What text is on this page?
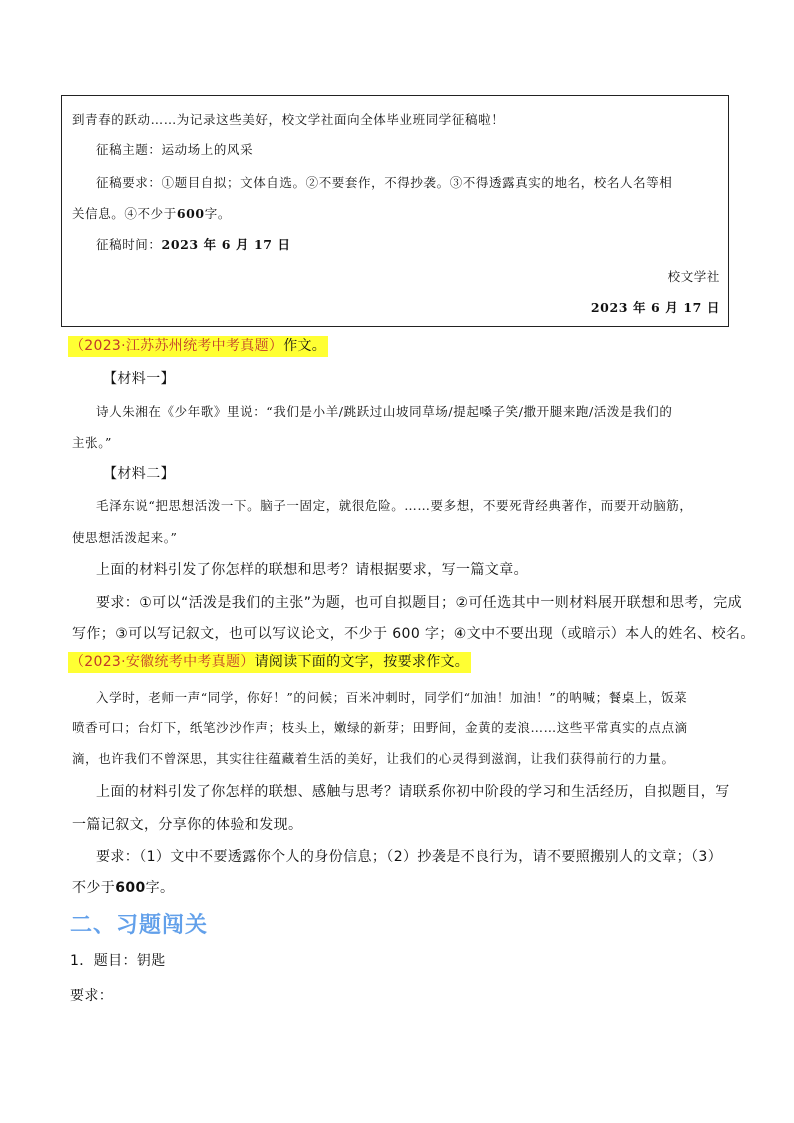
到青春的跃动……为记录这些美好，校文学社面向全体毕业班同学征稿啦！
征稿主题：运动场上的风采
征稿要求：①题目自拟；文体自选。②不要套作，不得抄袭。③不得透露真实的地名，校名人名等相
关信息。④不少于600字。
征稿时间：2023 年 6 月 17 日
校文学社
2023 年 6 月 17 日
（2023·江苏苏州统考中考真题）作文。
【材料一】
诗人朱湘在《少年歌》里说：“我们是小羊/跳跃过山坡同草场/提起嗓子笑/撒开腿来跑/活泼是我们的
主张。”
【材料二】
毛泽东说“把思想活泼一下。脑子一固定，就很危险。……要多想，不要死背经典著作，而要开动脑筋，
使思想活泼起来。”
上面的材料引发了你怎样的联想和思考？请根据要求，写一篇文章。
要求：①可以“活泼是我们的主张”为题，也可自拟题目；②可任选其中一则材料展开联想和思考，完成
写作；③可以写记叙文，也可以写议论文，不少于 600 字；④文中不要出现（或暗示）本人的姓名、校名。
（2023·安徽统考中考真题）请阅读下面的文字，按要求作文。
入学时，老师一声“同学，你好！”的问候；百米冲刺时，同学们“加油！加油！”的呐喊；餐桌上，饭菜
喷香可口；台灯下，纸笔沙沙作声；枝头上，嫩绿的新芽；田野间，金黄的麦浪……这些平常真实的点点滴
滴，也许我们不曾深思，其实往往蕴藏着生活的美好，让我们的心灵得到滋润，让我们获得前行的力量。
上面的材料引发了你怎样的联想、感触与思考？请联系你初中阶段的学习和生活经历，自拟题目，写
一篇记叙文，分享你的体验和发现。
要求：（1）文中不要透露你个人的身份信息；（2）抄袭是不良行为，请不要照搬别人的文章；（3）
不少于600字。
二、习题闯关
1．题目：钥匙
要求：
